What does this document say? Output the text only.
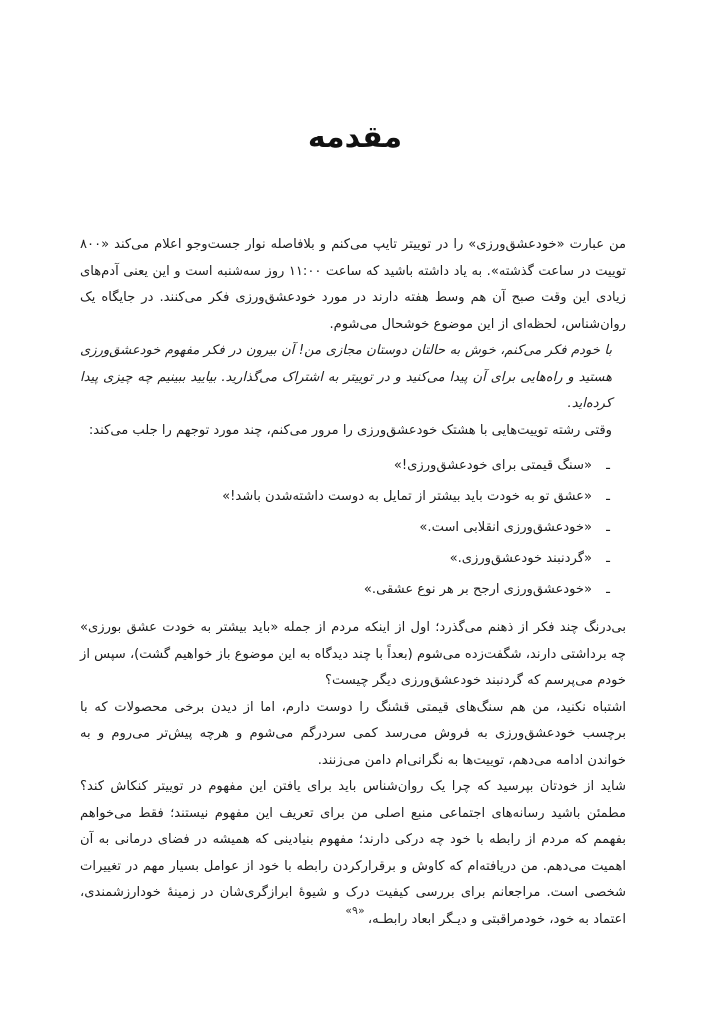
مقدمه

من عبارت «خودعشق‌ورزی» را در توییتر تایپ می‌کنم و بلافاصله نوار جست‌وجو اعلام می‌کند «۸۰۰ توییت در ساعت گذشته». به یاد داشته باشید که ساعت ۱۱:۰۰ روز سه‌شنبه است و این یعنی آدم‌های زیادی این وقت صبح آن هم وسط هفته دارند در مورد خودعشق‌ورزی فکر می‌کنند. در جایگاه یک روان‌شناس، لحظه‌ای از این موضوع خوشحال می‌شوم.

با خودم فکر می‌کنم، خوش به حالتان دوستان مجازی من! آن بیرون در فکر مفهوم خودعشق‌ورزی هستید و راه‌هایی برای آن پیدا می‌کنید و در توییتر به اشتراک می‌گذارید. بیایید ببینیم چه چیزی پیدا کرده‌اید.

وقتی رشته توییت‌هایی با هشتک خودعشق‌ورزی را مرور می‌کنم، چند مورد توجهم را جلب می‌کند:

ـ
«سنگ قیمتی برای خودعشق‌ورزی!»
ـ
«عشق تو به خودت باید بیشتر از تمایل به دوست داشته‌شدن باشد!»
ـ
«خودعشق‌ورزی انقلابی است.»
ـ
«گردنبند خودعشق‌ورزی.»
ـ
«خودعشق‌ورزی ارجح بر هر نوع عشقی.»

بی‌درنگ چند فکر از ذهنم می‌گذرد؛ اول از اینکه مردم از جمله «باید بیشتر به خودت عشق بورزی» چه برداشتی دارند، شگفت‌زده می‌شوم (بعداً با چند دیدگاه به این موضوع باز خواهیم گشت)، سپس از خودم می‌پرسم که گردنبند خودعشق‌ورزی دیگر چیست؟

اشتباه نکنید، من هم سنگ‌های قیمتی قشنگ را دوست دارم، اما از دیدن برخی محصولات که با برچسب خودعشق‌ورزی به فروش می‌رسد کمی سردرگم می‌شوم و هرچه پیش‌تر می‌روم و به خواندن ادامه می‌دهم، توییت‌ها به نگرانی‌ام دامن می‌زنند.

شاید از خودتان بپرسید که چرا یک روان‌شناس باید برای یافتن این مفهوم در توییتر کنکاش کند؟ مطمئن باشید رسانه‌های اجتماعی منبع اصلی من برای تعریف این مفهوم نیستند؛ فقط می‌خواهم بفهمم که مردم از رابطه با خود چه درکی دارند؛ مفهوم بنیادینی که همیشه در فضای درمانی به آن اهمیت می‌دهم. من دریافته‌ام که کاوش و برقرارکردن رابطه با خود از عوامل بسیار مهم در تغییرات شخصی است. مراجعانم برای بررسی کیفیت درک و شیوهٔ ابرازگری‌شان در زمینهٔ خودارزشمندی، اعتماد به خود، خودمراقبتی و دیـگر ابعاد رابطـه،

«۹»
